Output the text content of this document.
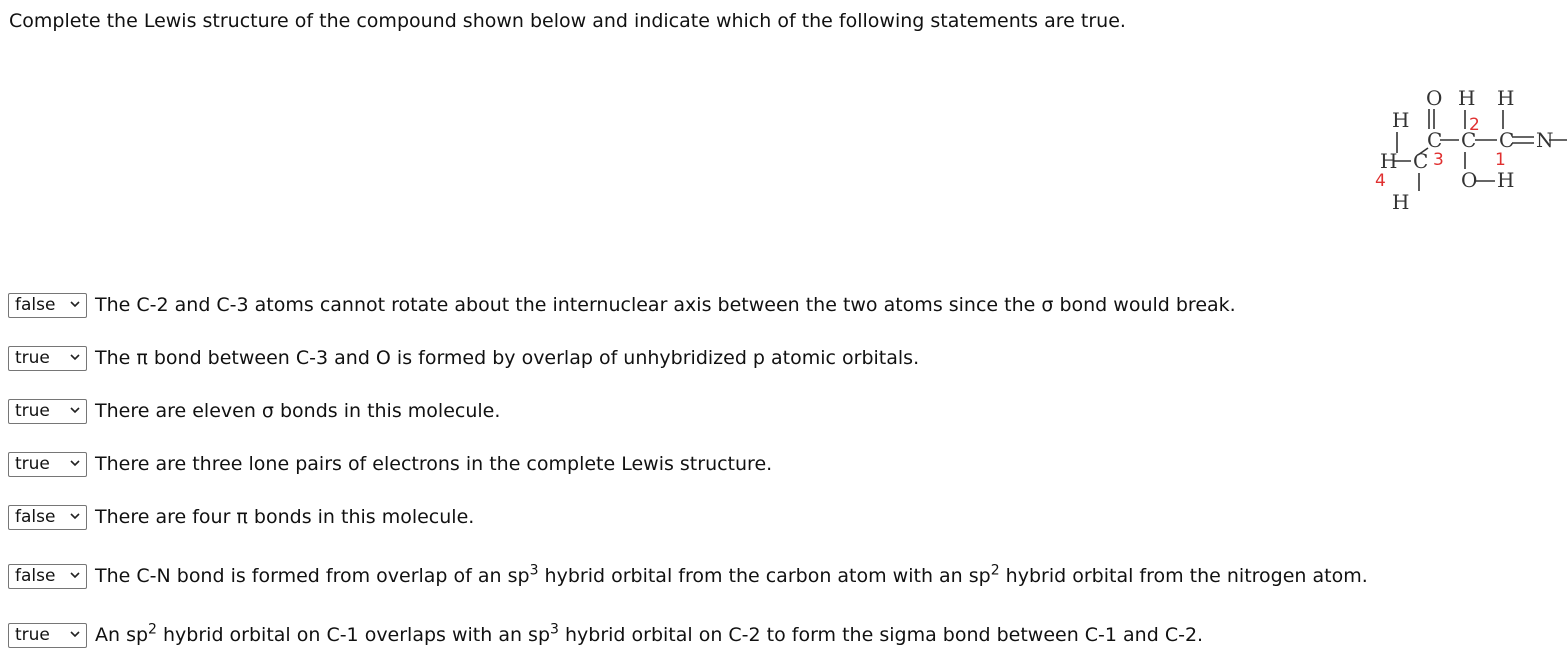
Complete the Lewis structure of the compound shown below and indicate which of the following statements are true.
O H H
H
C C C N
H C
O H
H
2
3	1
4
false	The C-2 and C-3 atoms cannot rotate about the internuclear axis between the two atoms since the σ bond would break.
true	The π bond between C-3 and O is formed by overlap of unhybridized p atomic orbitals.
true	There are eleven σ bonds in this molecule.
true	There are three lone pairs of electrons in the complete Lewis structure.
false	There are four π bonds in this molecule.
false	The C-N bond is formed from overlap of an $sp^3$ hybrid orbital from the carbon atom with an $sp^2$ hybrid orbital from the nitrogen atom.
true	An $sp^2$ hybrid orbital on C-1 overlaps with an $sp^3$ hybrid orbital on C-2 to form the sigma bond between C-1 and C-2.
